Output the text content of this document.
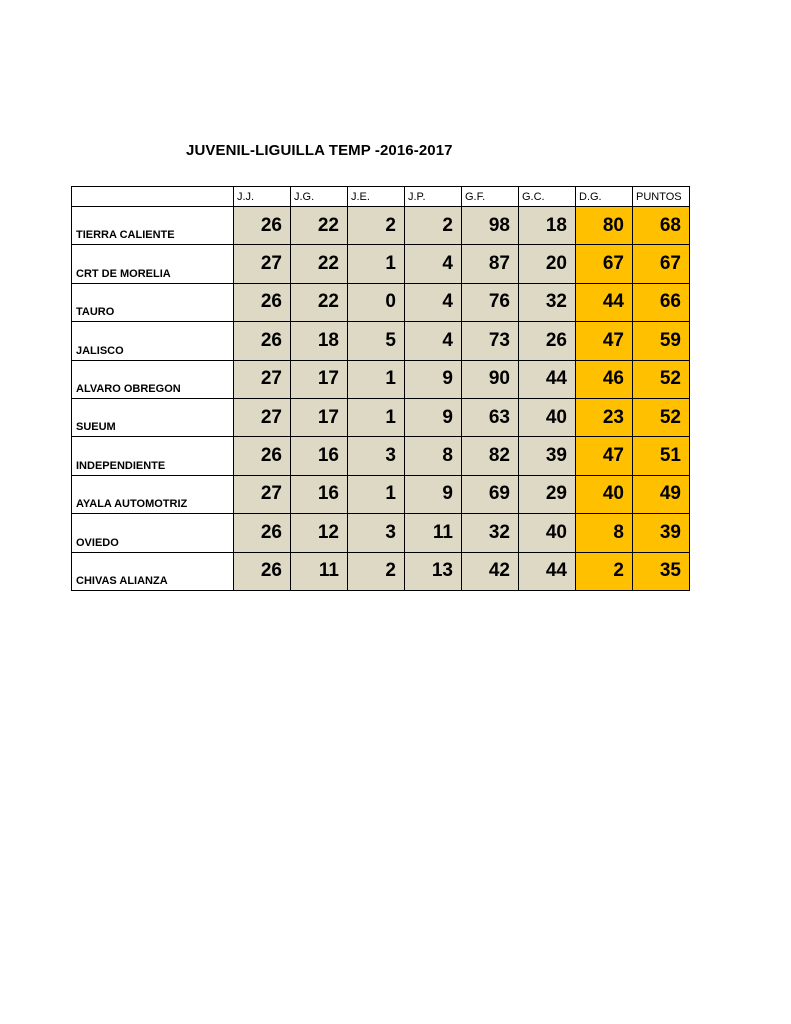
JUVENIL-LIGUILLA TEMP -2016-2017
	J.J.	J.G.	J.E.	J.P.	G.F.	G.C.	D.G.	PUNTOS
TIERRA CALIENTE	26	22	2	2	98	18	80	68
CRT DE MORELIA	27	22	1	4	87	20	67	67
TAURO	26	22	0	4	76	32	44	66
JALISCO	26	18	5	4	73	26	47	59
ALVARO OBREGON	27	17	1	9	90	44	46	52
SUEUM	27	17	1	9	63	40	23	52
INDEPENDIENTE	26	16	3	8	82	39	47	51
AYALA AUTOMOTRIZ	27	16	1	9	69	29	40	49
OVIEDO	26	12	3	11	32	40	8	39
CHIVAS ALIANZA	26	11	2	13	42	44	2	35
